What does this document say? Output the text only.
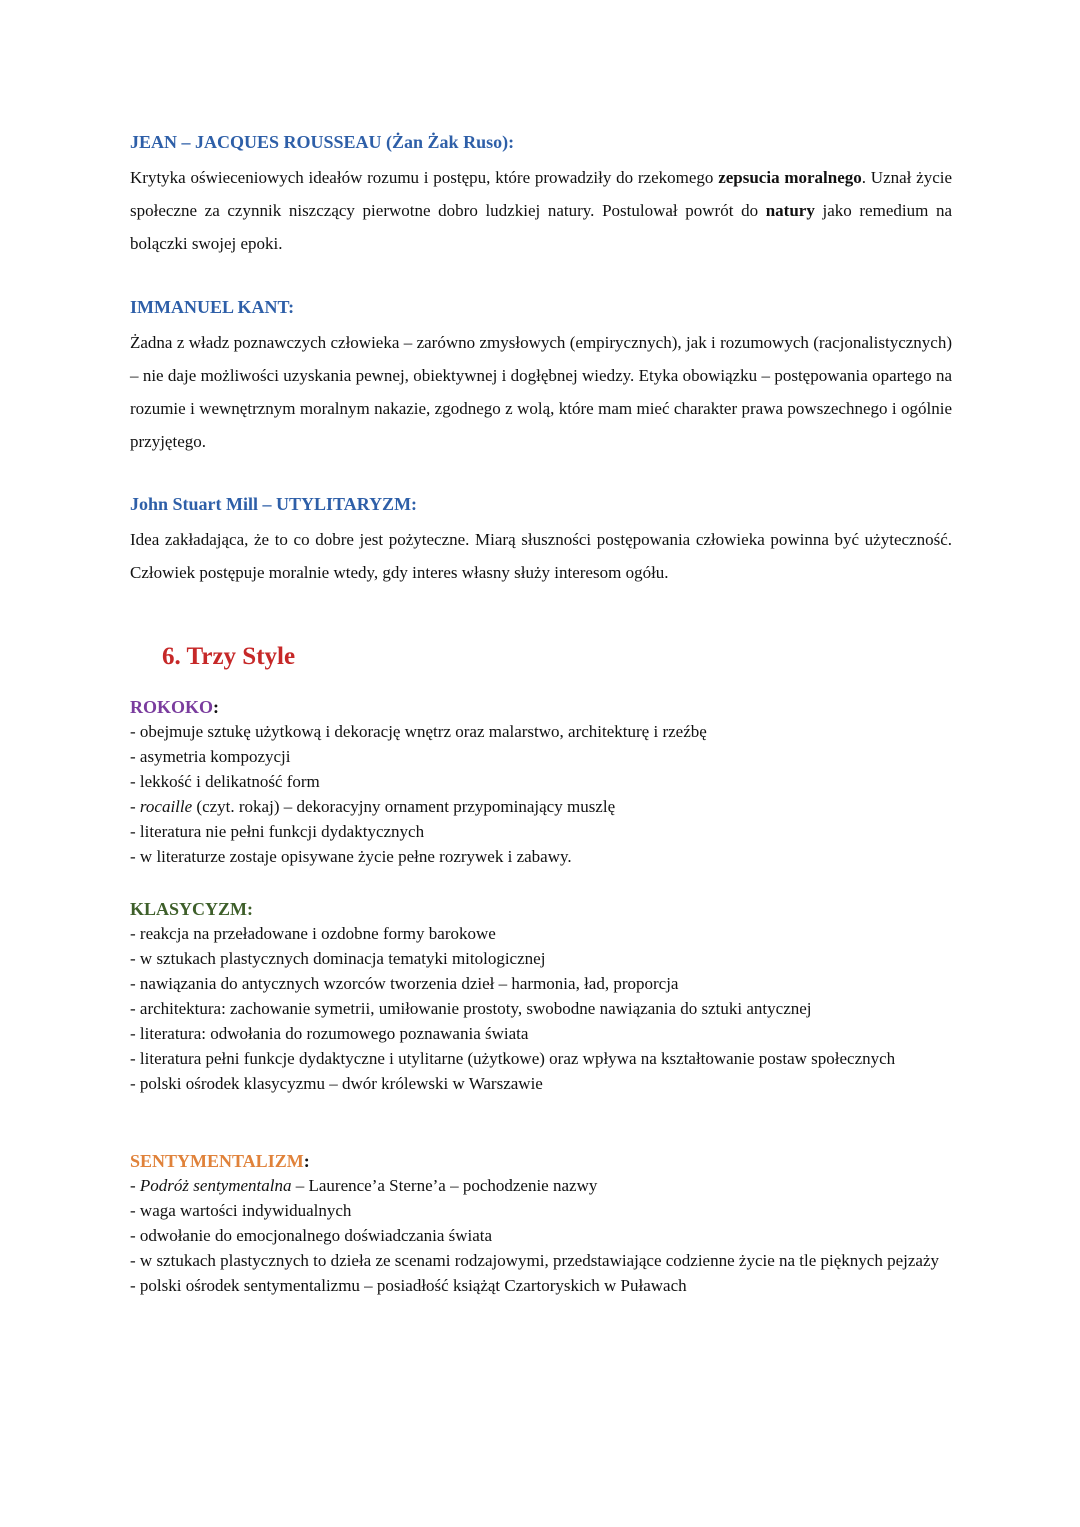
JEAN – JACQUES ROUSSEAU (Żan Żak Ruso):

Krytyka oświeceniowych ideałów rozumu i postępu, które prowadziły do rzekomego zepsucia moralnego. Uznał życie społeczne za czynnik niszczący pierwotne dobro ludzkiej natury. Postulował powrót do natury jako remedium na bolączki swojej epoki.

IMMANUEL KANT:

Żadna z władz poznawczych człowieka – zarówno zmysłowych (empirycznych), jak i rozumowych (racjonalistycznych) – nie daje możliwości uzyskania pewnej, obiektywnej i dogłębnej wiedzy. Etyka obowiązku – postępowania opartego na rozumie i wewnętrznym moralnym nakazie, zgodnego z wolą, które mam mieć charakter prawa powszechnego i ogólnie przyjętego.

John Stuart Mill – UTYLITARYZM:

Idea zakładająca, że to co dobre jest pożyteczne. Miarą słuszności postępowania człowieka powinna być użyteczność. Człowiek postępuje moralnie wtedy, gdy interes własny służy interesom ogółu.

6. Trzy Style

ROKOKO:

- obejmuje sztukę użytkową i dekorację wnętrz oraz malarstwo, architekturę i rzeźbę
- asymetria kompozycji
- lekkość i delikatność form
- rocaille (czyt. rokaj) – dekoracyjny ornament przypominający muszlę
- literatura nie pełni funkcji dydaktycznych
- w literaturze zostaje opisywane życie pełne rozrywek i zabawy.

KLASYCYZM:

- reakcja na przeładowane i ozdobne formy barokowe
- w sztukach plastycznych dominacja tematyki mitologicznej
- nawiązania do antycznych wzorców tworzenia dzieł – harmonia, ład, proporcja
- architektura: zachowanie symetrii, umiłowanie prostoty, swobodne nawiązania do sztuki antycznej
- literatura: odwołania do rozumowego poznawania świata
- literatura pełni funkcje dydaktyczne i utylitarne (użytkowe) oraz wpływa na kształtowanie postaw społecznych
- polski ośrodek klasycyzmu – dwór królewski w Warszawie

SENTYMENTALIZM:

- Podróż sentymentalna – Laurence’a Sterne’a – pochodzenie nazwy
- waga wartości indywidualnych
- odwołanie do emocjonalnego doświadczania świata
- w sztukach plastycznych to dzieła ze scenami rodzajowymi, przedstawiające codzienne życie na tle pięknych pejzaży
- polski ośrodek sentymentalizmu – posiadłość książąt Czartoryskich w Puławach
